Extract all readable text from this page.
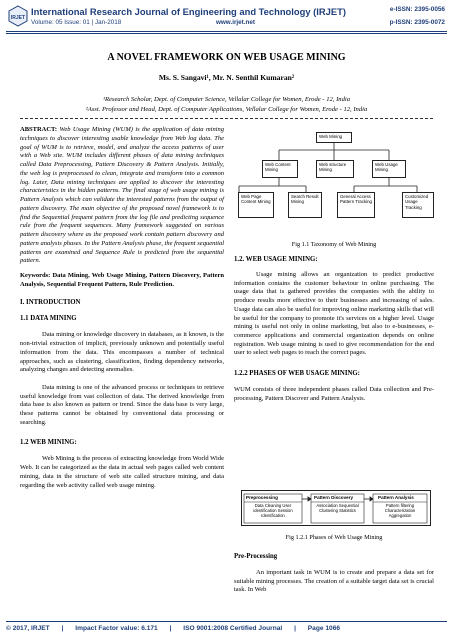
IRJET
International Research Journal of Engineering and Technology (IRJET)
Volume: 05 Issue: 01 | Jan-2018	www.irjet.net
e-ISSN: 2395-0056
p-ISSN: 2395-0072
A NOVEL FRAMEWORK ON WEB USAGE MINING
Ms. S. Sangavi¹, Mr. N. Senthil Kumaran²
¹Research Scholar, Dept. of Computer Science, Vellalar College for Women, Erode - 12, India
²Asst. Professor and Head, Dept. of Computer Applications, Vellalar College for Women, Erode - 12, India

ABSTRACT: Web Usage Mining (WUM) is the application of data mining techniques to discover interesting usable knowledge from Web log data. The goal of WUM is to retrieve, model, and analyze the access patterns of user with a Web site. WUM includes different phases of data mining techniques called Data Preprocessing, Pattern Discovery & Pattern Analysis. Initially, the web log is preprocessed to clean, integrate and transform into a common log. Later, Data mining techniques are applied to discover the interesting characteristics in the hidden patterns. The final stage of web usage mining is Pattern Analysis which can validate the interested patterns from the output of pattern discovery. The main objective of the proposed novel framework is to find the Sequential frequent pattern from the log file and predicting sequence rule from the frequent sequences. Many framework suggested on various pattern discovery where as the proposed work contain pattern discovery and pattern analysis phases. In the Pattern Analysis phase, the frequent sequential patterns are examined and Sequence Rule is predicted from the sequential pattern.

Keywords: Data Mining, Web Usage Mining, Pattern Discovery, Pattern Analysis, Sequential Frequent Pattern, Rule Prediction.

I. INTRODUCTION

1.1 DATA MINING

Data mining or knowledge discovery in databases, as it known, is the non-trivial extraction of implicit, previously unknown and potentially useful information from the data. This encompasses a number of technical approaches, such as clustering, classification, finding dependency networks, analyzing changes and detecting anomalies.

Data mining is one of the advanced process or techniques to retrieve useful knowledge from vast collection of data. The derived knowledge from data base is also known as pattern or trend. Since the data base is very large, these patterns cannot be obtained by conventional data processing or searching.

1.2 WEB MINING:

Web Mining is the process of extracting knowledge from World Wide Web. It can be categorized as the data in actual web pages called web content mining, data in the structure of web site called structure mining, and data regarding the web activity called web usage mining.

Web Mining
Web Content Mining
Web structure Mining
Web Usage Mining
Web Page Content Mining
Search Result Mining
General Access Pattern Tracking
Customized Usage Tracking
Fig 1.1 Taxonomy of Web Mining

1.2. WEB USAGE MINING:

Usage mining allows an organization to predict productive information contains the customer behaviour in online purchasing. The usage data that is gathered provides the companies with the ability to produce results more effective to their businesses and increasing of sales. Usage data can also be useful for improving online marketing skills that will be useful for the company to promote it's services on a higher level. Usage mining is useful not only in online marketing, but also to e-businesses, e-commerce applications and commercial organization depends on online registration. Web usage mining is used to give recommendation for the end user to select web pages to reach the correct pages.

1.2.2 PHASES OF WEB USAGE MINING:

WUM consists of three independent phases called Data collection and Pre-processing, Pattern Discover and Pattern Analysis.

Preprocessing
Data Cleaning User identification Session Identification
Pattern Discovery
Association Sequential Clustering Statistics
Pattern Analysis
Pattern filtering Characterization Aggregation
Fig 1.2.1 Phases of Web Usage Mining

Pre-Processing

An important task in WUM is to create and prepare a data set for suitable mining processes. The creation of a suitable target data set is crucial task. In Web

© 2017, IRJET | Impact Factor value: 6.171 | ISO 9001:2008 Certified Journal | Page 1066
